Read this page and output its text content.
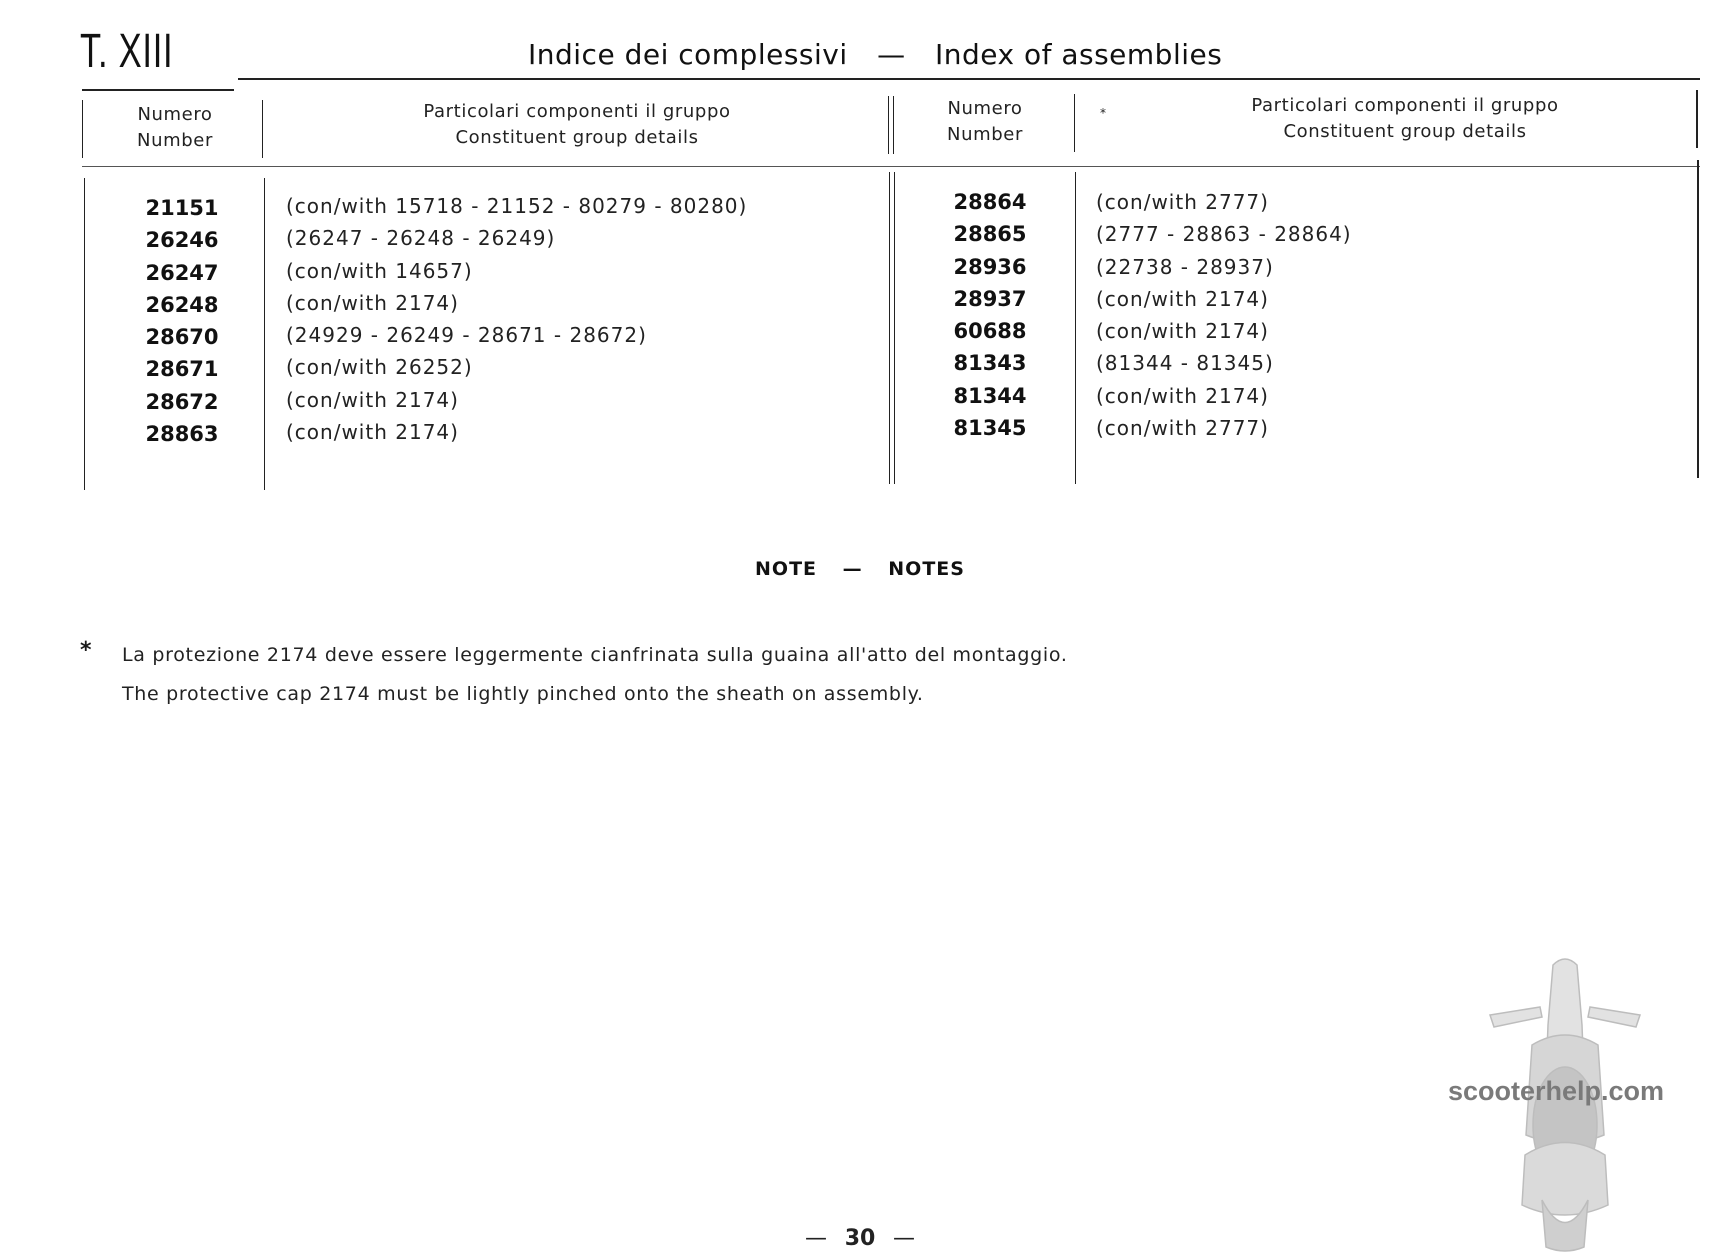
T. XIII	Indice dei complessivi — Index of assemblies
Numero
Number
Particolari componenti il gruppo
Constituent group details
Numero
Number
*	Particolari componenti il gruppo
Constituent group details
21151
26246
26247
26248
28670
28671
28672
28863
(con/with 15718 - 21152 - 80279 - 80280)
(26247 - 26248 - 26249)
(con/with 14657)
(con/with 2174)
(24929 - 26249 - 28671 - 28672)
(con/with 26252)
(con/with 2174)
(con/with 2174)
28864
28865
28936
28937
60688
81343
81344
81345
(con/with 2777)
(2777 - 28863 - 28864)
(22738 - 28937)
(con/with 2174)
(con/with 2174)
(81344 - 81345)
(con/with 2174)
(con/with 2777)
NOTE — NOTES
* La protezione 2174 deve essere leggermente cianfrinata sulla guaina all'atto del montaggio.
The protective cap 2174 must be lightly pinched onto the sheath on assembly.
scooterhelp.com
— 30 —
